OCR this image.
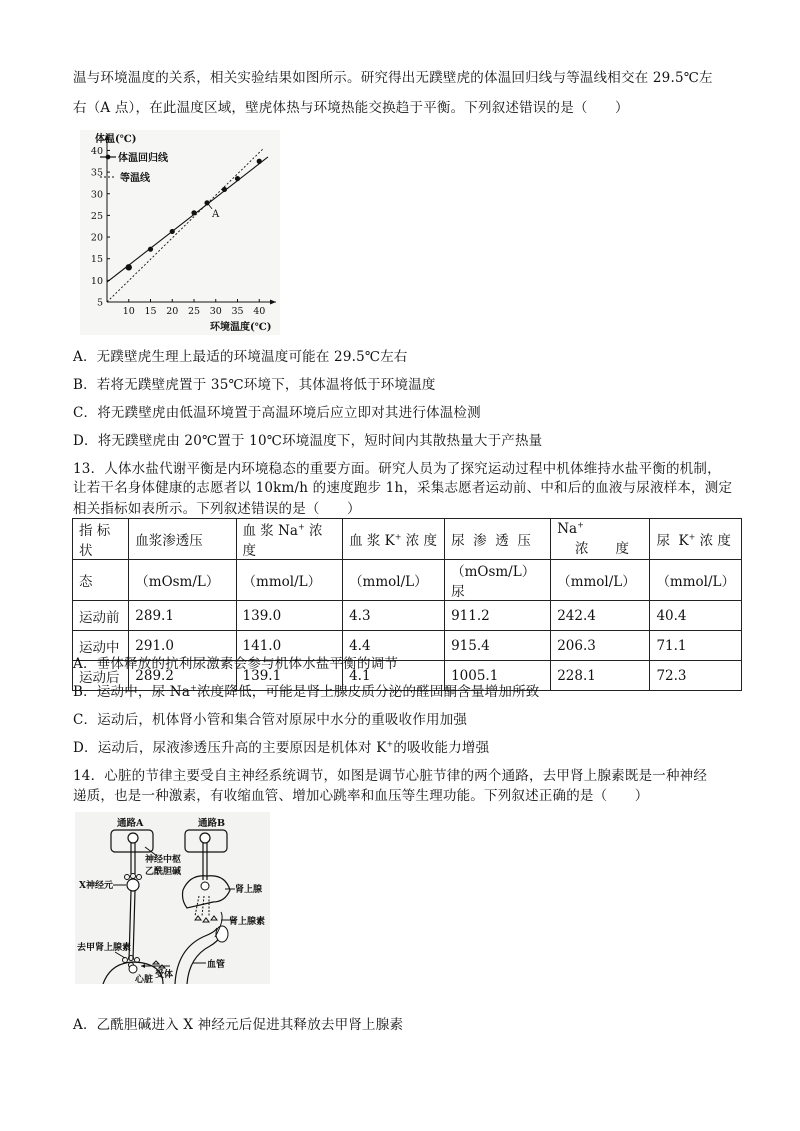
温与环境温度的关系，相关实验结果如图所示。研究得出无蹼壁虎的体温回归线与等温线相交在 29.5℃左
右（A 点），在此温度区域，壁虎体热与环境热能交换趋于平衡。下列叙述错误的是（　　）
10 15 20 25 30 35 40
5
10
15
20
25
30
35
40
体温(℃)
环境温度(℃)
体温回归线
等温线
A
A．无蹼壁虎生理上最适的环境温度可能在 29.5℃左右
B．若将无蹼壁虎置于 35℃环境下，其体温将低于环境温度
C．将无蹼壁虎由低温环境置于高温环境后应立即对其进行体温检测
D．将无蹼壁虎由 20℃置于 10℃环境温度下，短时间内其散热量大于产热量
13．人体水盐代谢平衡是内环境稳态的重要方面。研究人员为了探究运动过程中机体维持水盐平衡的机制，
让若干名身体健康的志愿者以 10km/h 的速度跑步 1h，采集志愿者运动前、中和后的血液与尿液样本，测定
相关指标如表所示。下列叙述错误的是（　　）
指 标 状	血浆渗透压	血 浆 Na+ 浓 度	血 浆 K+ 浓 度	尿  渗  透  压	Na+ 　浓　　度	尿  K+ 浓 度
态	（mOsm/L）	（mmol/L）	（mmol/L）	（mOsm/L）尿	（mmol/L）	（mmol/L）
运动前	289.1	139.0	4.3	911.2	242.4	40.4
运动中	291.0	141.0	4.4	915.4	206.3	71.1
运动后	289.2	139.1	4.1	1005.1	228.1	72.3
A．垂体释放的抗利尿激素会参与机体水盐平衡的调节
B．运动中，尿 Na+浓度降低，可能是肾上腺皮质分泌的醛固酮含量增加所致
C．运动后，机体肾小管和集合管对原尿中水分的重吸收作用加强
D．运动后，尿液渗透压升高的主要原因是机体对 K+的吸收能力增强
14．心脏的节律主要受自主神经系统调节，如图是调节心脏节律的两个通路，去甲肾上腺素既是一种神经
递质，也是一种激素，有收缩血管、增加心跳率和血压等生理功能。下列叙述正确的是（　　）
通路A
神经中枢
乙酰胆碱
X神经元
通路B
肾上腺
肾上腺素
血管
去甲肾上腺素
心脏 受体
A．乙酰胆碱进入 X 神经元后促进其释放去甲肾上腺素
